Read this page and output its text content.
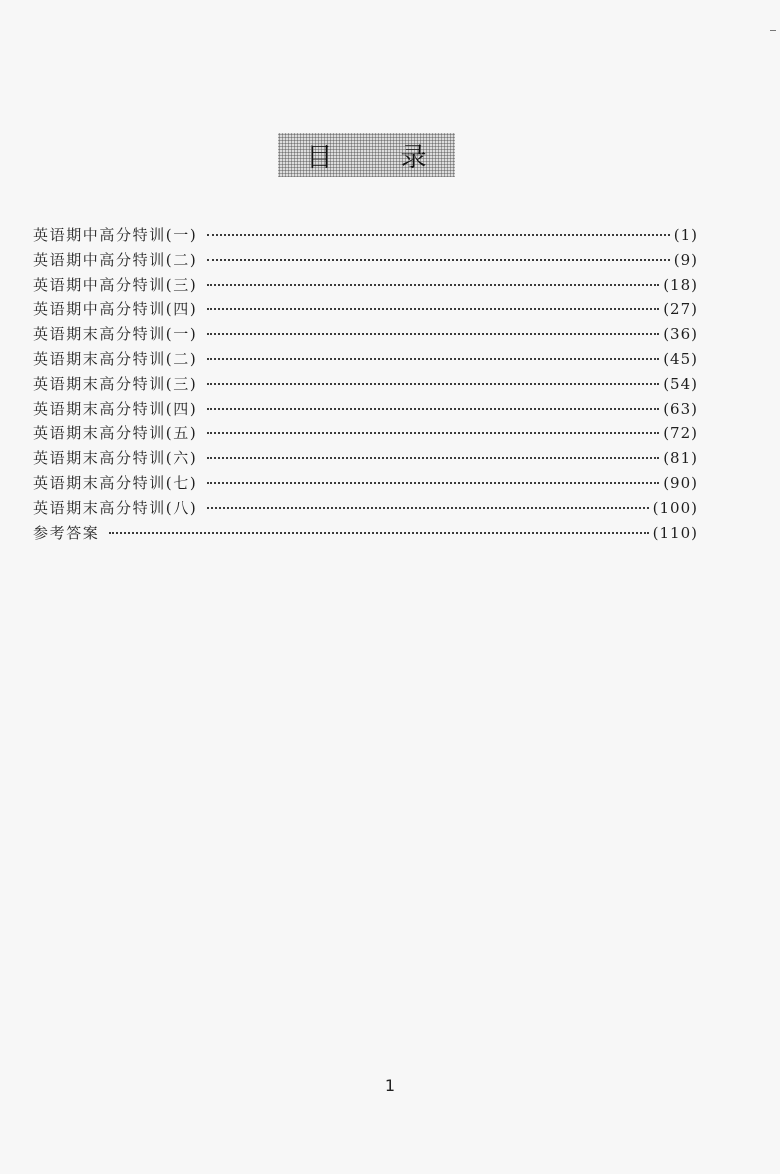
目 录
英语期中高分特训(一)	(1)
英语期中高分特训(二)	(9)
英语期中高分特训(三)	(18)
英语期中高分特训(四)	(27)
英语期末高分特训(一)	(36)
英语期末高分特训(二)	(45)
英语期末高分特训(三)	(54)
英语期末高分特训(四)	(63)
英语期末高分特训(五)	(72)
英语期末高分特训(六)	(81)
英语期末高分特训(七)	(90)
英语期末高分特训(八)	(100)
参考答案	(110)
1
